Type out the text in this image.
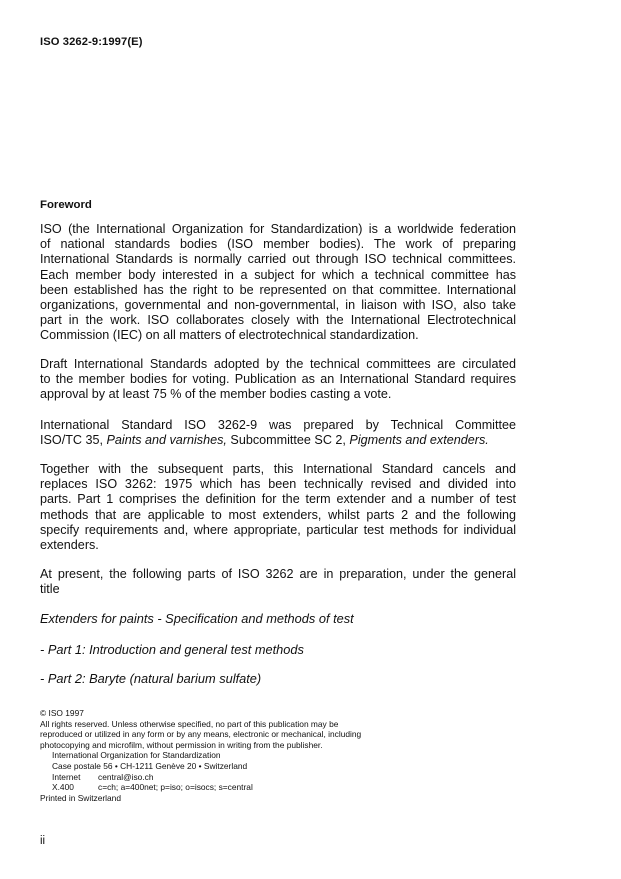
ISO 3262-9:1997(E)
Foreword
ISO (the International Organization for Standardization) is a worldwide federation
of national standards bodies (ISO member bodies). The work of preparing
International Standards is normally carried out through ISO technical committees.
Each member body interested in a subject for which a technical committee has
been established has the right to be represented on that committee. International
organizations, governmental and non-governmental, in liaison with ISO, also take
part in the work. ISO collaborates closely with the International Electrotechnical
Commission (IEC) on all matters of electrotechnical standardization.
Draft International Standards adopted by the technical committees are circulated
to the member bodies for voting. Publication as an International Standard requires
approval by at least 75 % of the member bodies casting a vote.
International Standard ISO 3262-9 was prepared by Technical Committee
ISO/TC 35, Paints and varnishes, Subcommittee SC 2, Pigments and extenders.
Together with the subsequent parts, this International Standard cancels and
replaces ISO 3262: 1975 which has been technically revised and divided into
parts. Part 1 comprises the definition for the term extender and a number of test
methods that are applicable to most extenders, whilst parts 2 and the following
specify requirements and, where appropriate, particular test methods for individual
extenders.
At present, the following parts of ISO 3262 are in preparation, under the general
title
Extenders for paints - Specification and methods of test
- Part 1: Introduction and general test methods
- Part 2: Baryte (natural barium sulfate)
© ISO 1997
All rights reserved. Unless otherwise specified, no part of this publication may be
reproduced or utilized in any form or by any means, electronic or mechanical, including
photocopying and microfilm, without permission in writing from the publisher.
International Organization for Standardization
Case postale 56 • CH-1211 Genève 20 • Switzerland
Internet central@iso.ch
X.400	c=ch; a=400net; p=iso; o=isocs; s=central
Printed in Switzerland
ii
